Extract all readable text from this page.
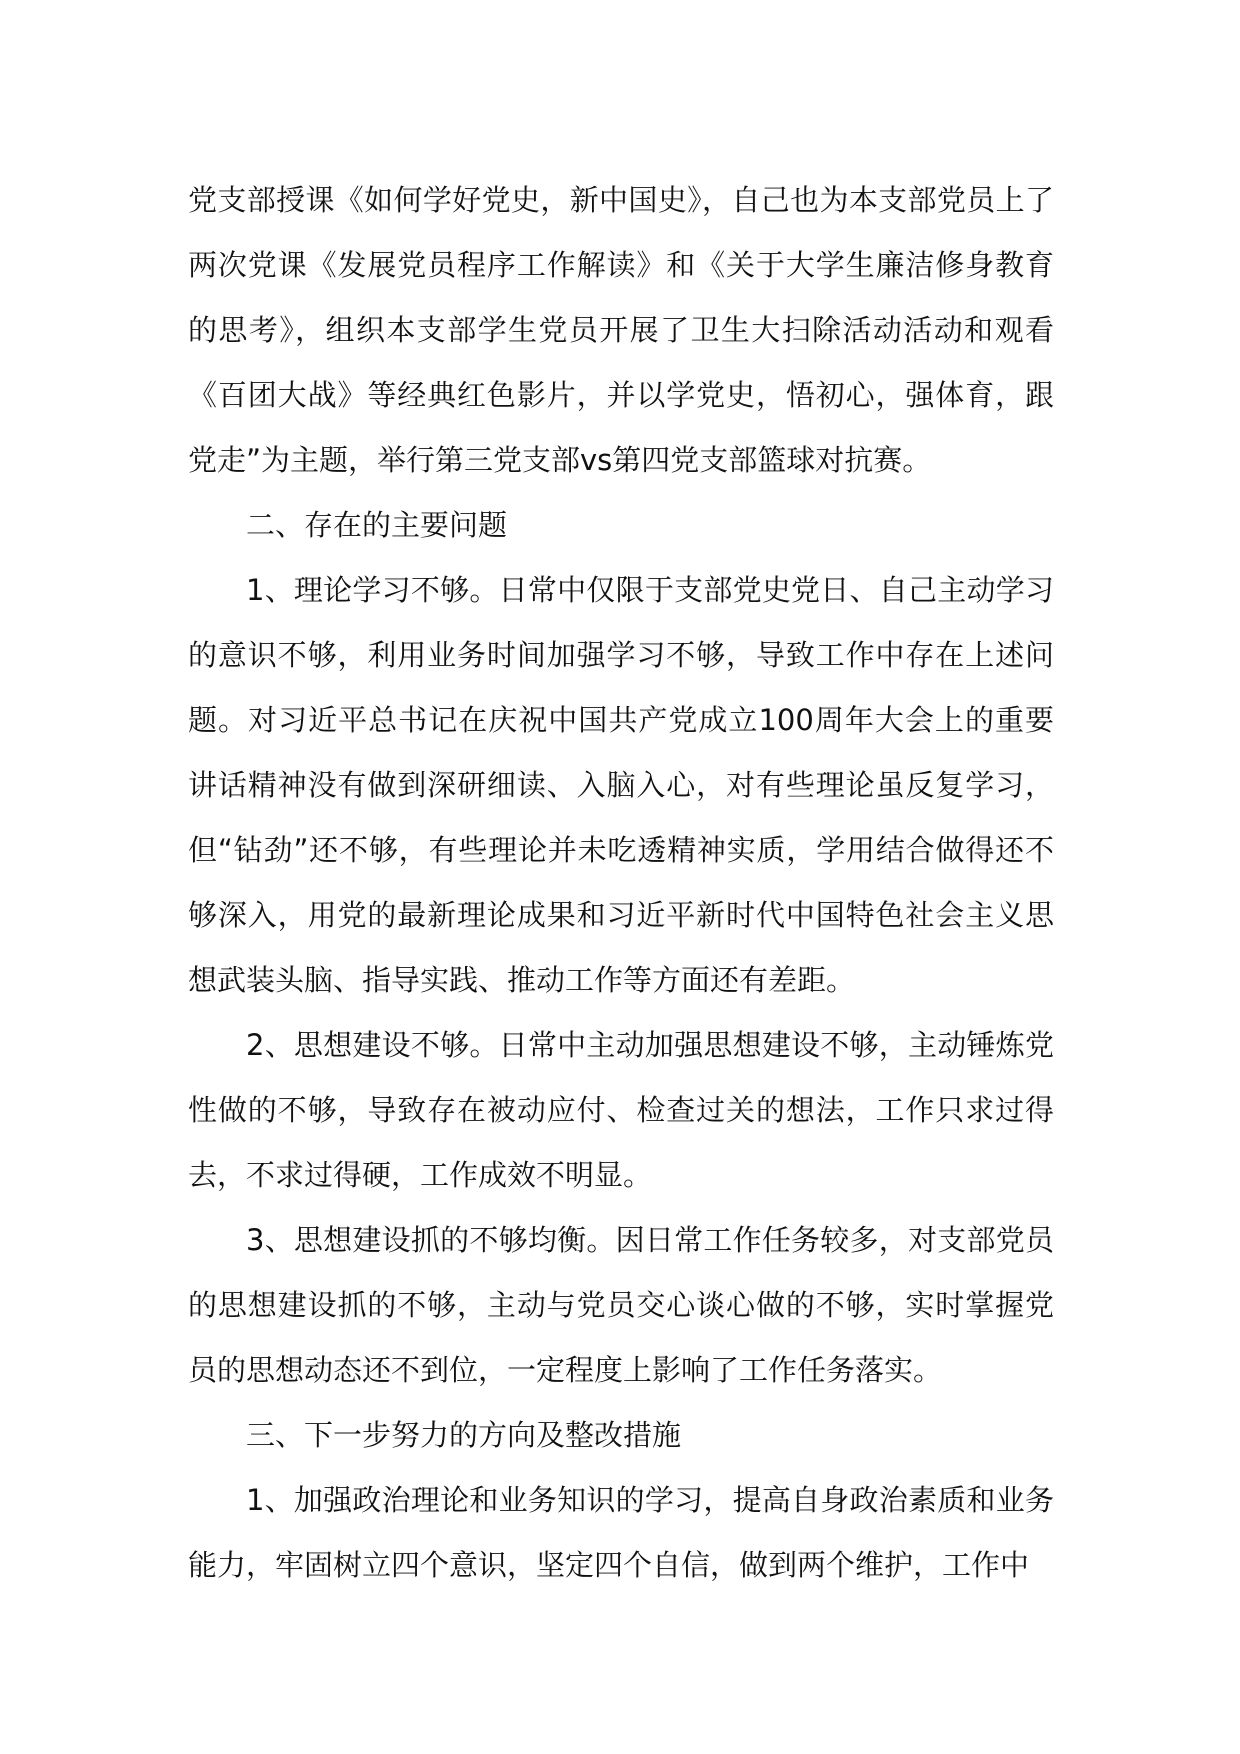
党支部授课《如何学好党史，新中国史》，自己也为本支部党员上了两次党课《发展党员程序工作解读》和《关于大学生廉洁修身教育的思考》，组织本支部学生党员开展了卫生大扫除活动活动和观看《百团大战》等经典红色影片，并以学党史，悟初心，强体育，跟党走”为主题，举行第三党支部vs第四党支部篮球对抗赛。

二、存在的主要问题

1、理论学习不够。日常中仅限于支部党史党日、自己主动学习的意识不够，利用业务时间加强学习不够，导致工作中存在上述问题。对习近平总书记在庆祝中国共产党成立100周年大会上的重要讲话精神没有做到深研细读、入脑入心，对有些理论虽反复学习，但“钻劲”还不够，有些理论并未吃透精神实质，学用结合做得还不够深入，用党的最新理论成果和习近平新时代中国特色社会主义思想武装头脑、指导实践、推动工作等方面还有差距。

2、思想建设不够。日常中主动加强思想建设不够，主动锤炼党性做的不够，导致存在被动应付、检查过关的想法，工作只求过得去，不求过得硬，工作成效不明显。

3、思想建设抓的不够均衡。因日常工作任务较多，对支部党员的思想建设抓的不够，主动与党员交心谈心做的不够，实时掌握党员的思想动态还不到位，一定程度上影响了工作任务落实。

三、下一步努力的方向及整改措施

1、加强政治理论和业务知识的学习，提高自身政治素质和业务能力，牢固树立四个意识，坚定四个自信，做到两个维护，工作中
